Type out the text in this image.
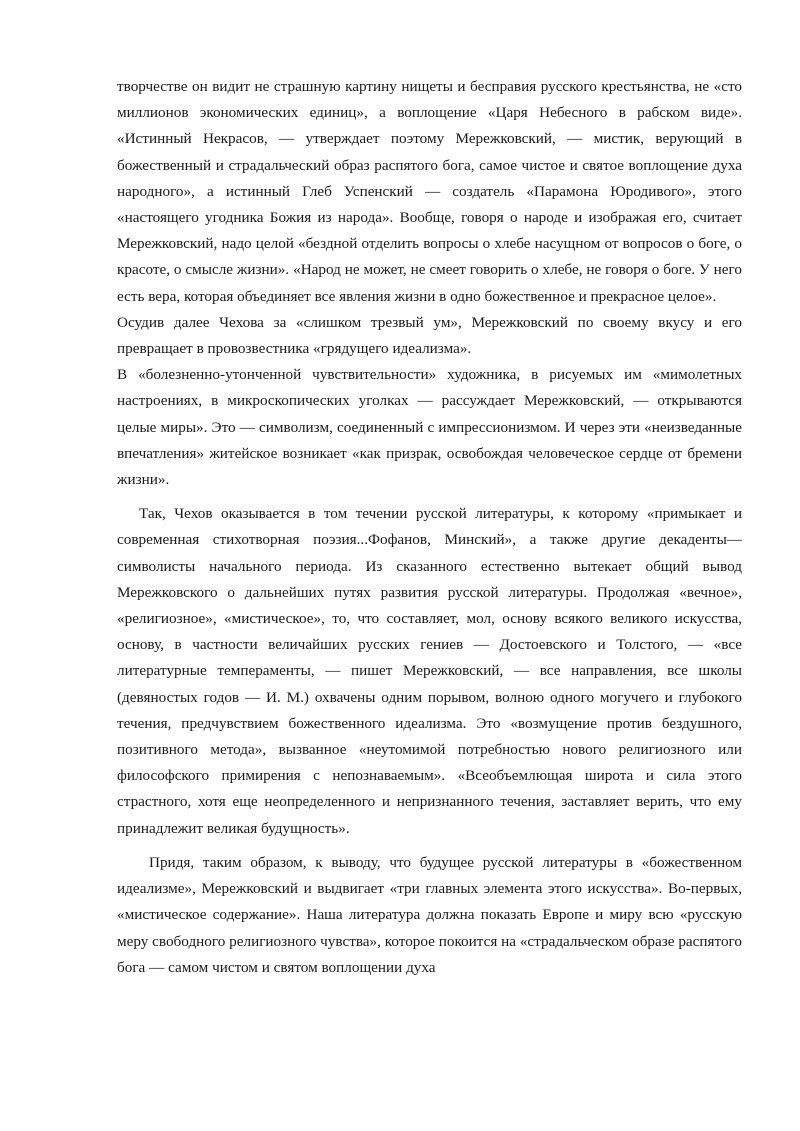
творчестве он видит не страшную картину нищеты и бесправия русского крестьянства, не «сто миллионов экономических единиц», а воплощение «Царя Небесного в рабском виде». «Истинный Некрасов, — утверждает поэтому Мережковский, — мистик, верующий в божественный и страдальческий образ распятого бога, самое чистое и святое воплощение духа народного», а истинный Глеб Успенский — создатель «Парамона Юродивого», этого «настоящего угодника Божия из народа». Вообще, говоря о народе и изображая его, считает Мережковский, надо целой «бездной отделить вопросы о хлебе насущном от вопросов о боге, о красоте, о смысле жизни». «Народ не может, не смеет говорить о хлебе, не говоря о боге. У него есть вера, которая объединяет все явления жизни в одно божественное и прекрасное целое».

Осудив далее Чехова за «слишком трезвый ум», Мережковский по своему вкусу и его превращает в провозвестника «грядущего идеализма».

В «болезненно-утонченной чувствительности» художника, в рисуемых им «мимолетных настроениях, в микроскопических уголках — рассуждает Мережковский, — открываются целые миры». Это — символизм, соединенный с импрессионизмом. И через эти «неизведанные впечатления» житейское возникает «как призрак, освобождая человеческое сердце от бремени жизни».

Так, Чехов оказывается в том течении русской литературы, к которому «примыкает и современная стихотворная поэзия...Фофанов, Минский», а также другие декаденты—символисты начального периода. Из сказанного естественно вытекает общий вывод Мережковского о дальнейших путях развития русской литературы. Продолжая «вечное», «религиозное», «мистическое», то, что составляет, мол, основу всякого великого искусства, основу, в частности величайших русских гениев — Достоевского и Толстого, — «все литературные темпераменты, — пишет Мережковский, — все направления, все школы (девяностых годов — И. М.) охвачены одним порывом, волною одного могучего и глубокого течения, предчувствием божественного идеализма. Это «возмущение против бездушного, позитивного метода», вызванное «неутомимой потребностью нового религиозного или философского примирения с непознаваемым». «Всеобъемлющая широта и сила этого страстного, хотя еще неопределенного и непризнанного течения, заставляет верить, что ему принадлежит великая будущность».

Придя, таким образом, к выводу, что будущее русской литературы в «божественном идеализме», Мережковский и выдвигает «три главных элемента этого искусства». Во-первых, «мистическое содержание». Наша литература должна показать Европе и миру всю «русскую меру свободного религиозного чувства», которое покоится на «страдальческом образе распятого бога — самом чистом и святом воплощении духа
